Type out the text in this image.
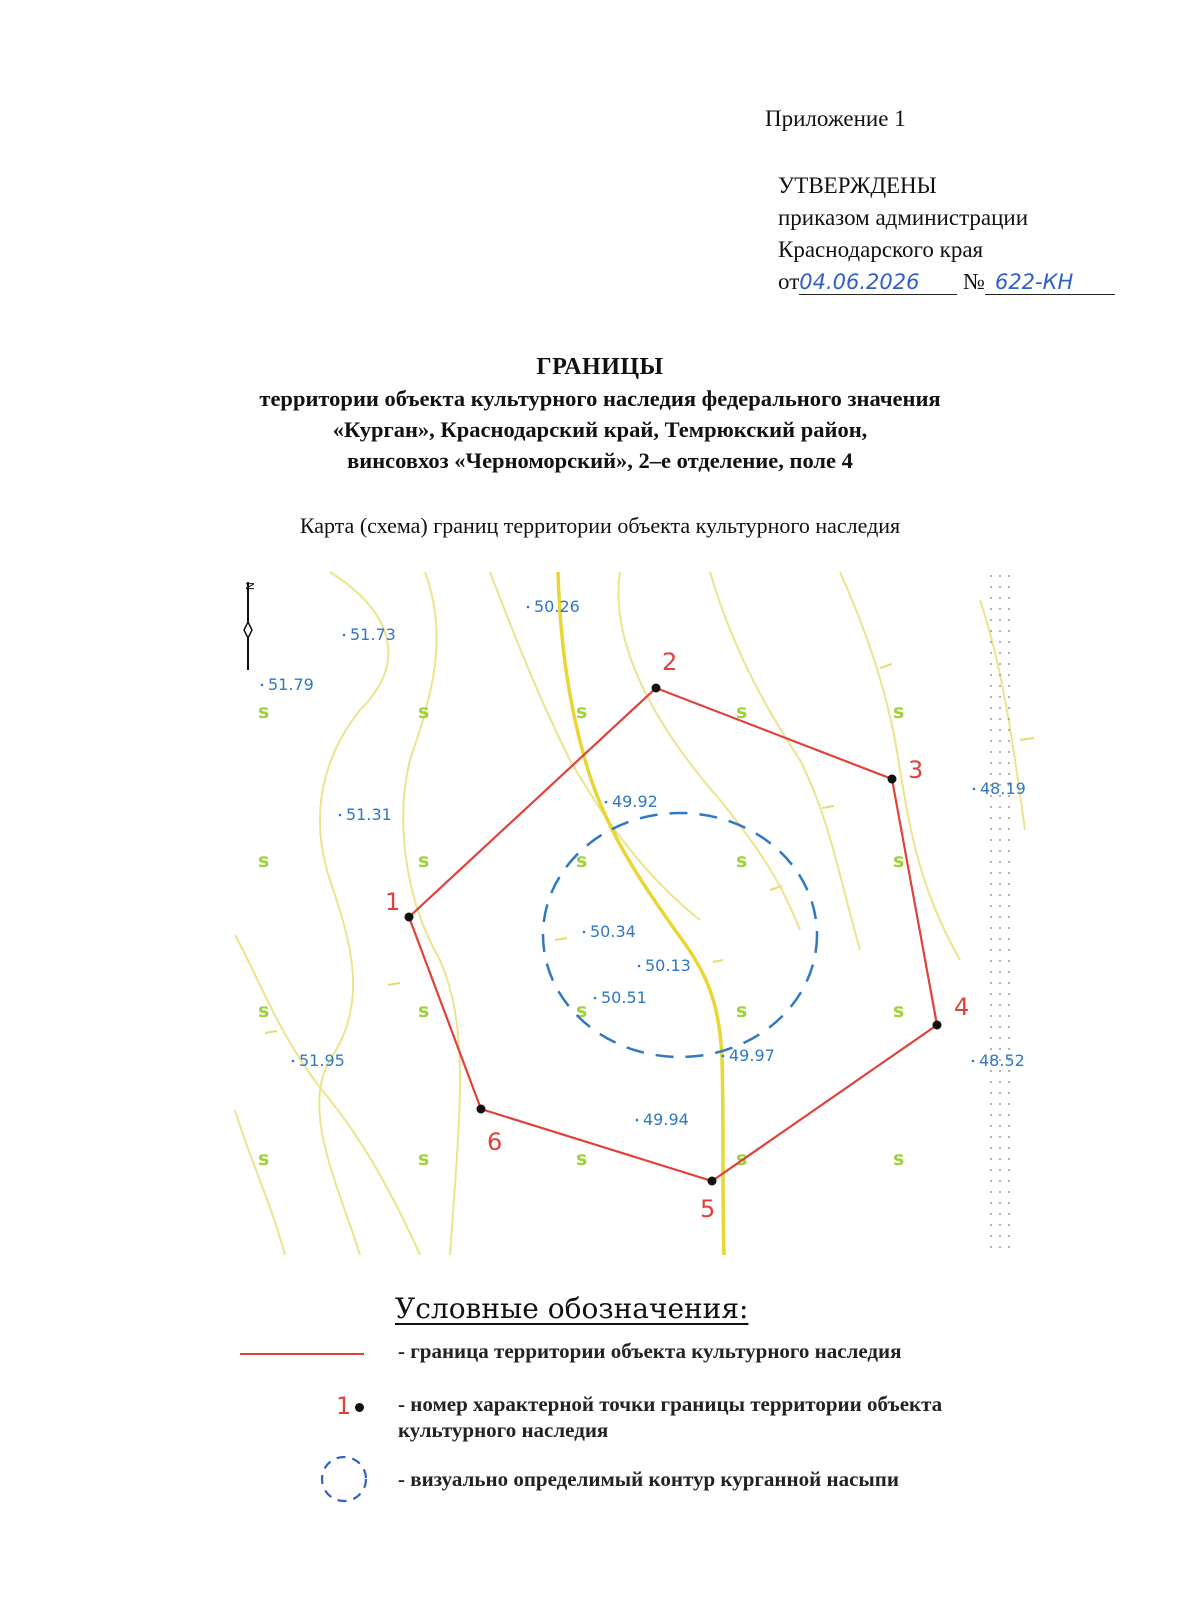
Приложение 1
УТВЕРЖДЕНЫ
приказом администрации
Краснодарского края
от04.06.2026 № 622-КН
ГРАНИЦЫ
территории объекта культурного наследия федерального значения
«Курган», Краснодарский край, Темрюкский район,
винсовхоз «Черноморский», 2–е отделение, поле 4
Карта (схема) границ территории объекта культурного наследия
ѕ	ѕ	ѕ	ѕ	ѕ
ѕ	ѕ	ѕ	ѕ	ѕ
ѕ	ѕ	ѕ	ѕ	ѕ
ѕ	ѕ	ѕ	ѕ	ѕ
51.73
51.79
50.26
51.31
49.92
48.19
50.34
50.13
50.51
51.95	49.97	48.52
49.94
1
2
3
4
5
6
N
Условные обозначения:
- граница территории объекта культурного наследия
1	- номер характерной точки границы территории объекта культурного наследия
- визуально определимый контур курганной насыпи
